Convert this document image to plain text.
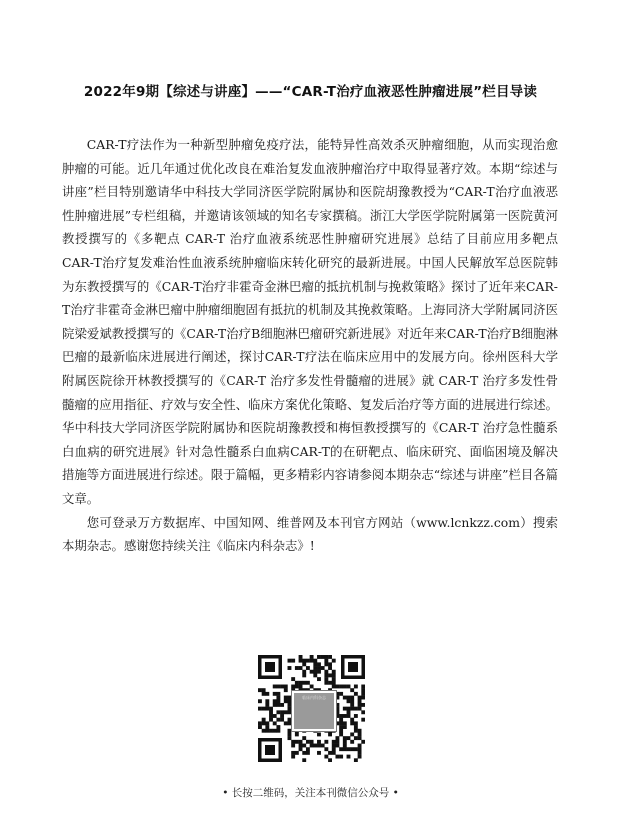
2022年9期【综述与讲座】——“CAR-T治疗血液恶性肿瘤进展”栏目导读

CAR-T疗法作为一种新型肿瘤免疫疗法，能特异性高效杀灭肿瘤细胞，从而实现治愈肿瘤的可能。近几年通过优化改良在难治复发血液肿瘤治疗中取得显著疗效。本期“综述与讲座”栏目特别邀请华中科技大学同济医学院附属协和医院胡豫教授为“CAR-T治疗血液恶性肿瘤进展”专栏组稿，并邀请该领域的知名专家撰稿。浙江大学医学院附属第一医院黄河教授撰写的《多靶点 CAR-T 治疗血液系统恶性肿瘤研究进展》总结了目前应用多靶点 CAR-T治疗复发难治性血液系统肿瘤临床转化研究的最新进展。中国人民解放军总医院韩为东教授撰写的《CAR-T治疗非霍奇金淋巴瘤的抵抗机制与挽救策略》探讨了近年来CAR-T治疗非霍奇金淋巴瘤中肿瘤细胞固有抵抗的机制及其挽救策略。上海同济大学附属同济医院梁爱斌教授撰写的《CAR-T治疗B细胞淋巴瘤研究新进展》对近年来CAR-T治疗B细胞淋巴瘤的最新临床进展进行阐述，探讨CAR-T疗法在临床应用中的发展方向。徐州医科大学附属医院徐开林教授撰写的《CAR-T 治疗多发性骨髓瘤的进展》就 CAR-T 治疗多发性骨髓瘤的应用指征、疗效与安全性、临床方案优化策略、复发后治疗等方面的进展进行综述。华中科技大学同济医学院附属协和医院胡豫教授和梅恒教授撰写的《CAR-T 治疗急性髓系白血病的研究进展》针对急性髓系白血病CAR-T的在研靶点、临床研究、面临困境及解决措施等方面进展进行综述。限于篇幅，更多精彩内容请参阅本期杂志“综述与讲座”栏目各篇文章。

您可登录万方数据库、中国知网、维普网及本刊官方网站（www.lcnkzz.com）搜索本期杂志。感谢您持续关注《临床内科杂志》!

临床内科杂志
• 长按二维码，关注本刊微信公众号 •
